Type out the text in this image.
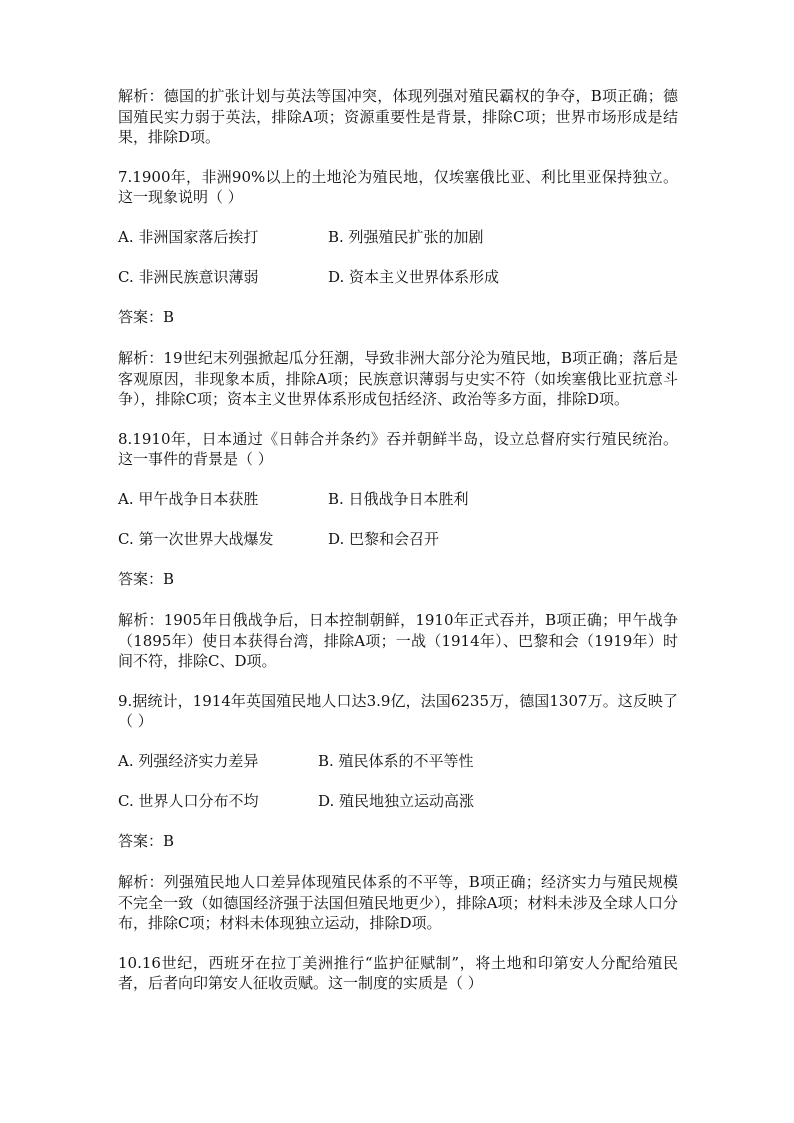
解析：德国的扩张计划与英法等国冲突，体现列强对殖民霸权的争夺，B项正确；德国殖民实力弱于英法，排除A项；资源重要性是背景，排除C项；世界市场形成是结果，排除D项。

7.1900年，非洲90%以上的土地沦为殖民地，仅埃塞俄比亚、利比里亚保持独立。这一现象说明（ ）

A. 非洲国家落后挨打	B. 列强殖民扩张的加剧
C. 非洲民族意识薄弱	D. 资本主义世界体系形成

答案：B

解析：19世纪末列强掀起瓜分狂潮，导致非洲大部分沦为殖民地，B项正确；落后是客观原因，非现象本质，排除A项；民族意识薄弱与史实不符（如埃塞俄比亚抗意斗争），排除C项；资本主义世界体系形成包括经济、政治等多方面，排除D项。

8.1910年，日本通过《日韩合并条约》吞并朝鲜半岛，设立总督府实行殖民统治。这一事件的背景是（ ）

A. 甲午战争日本获胜	B. 日俄战争日本胜利
C. 第一次世界大战爆发	D. 巴黎和会召开

答案：B

解析：1905年日俄战争后，日本控制朝鲜，1910年正式吞并，B项正确；甲午战争（1895年）使日本获得台湾，排除A项；一战（1914年）、巴黎和会（1919年）时间不符，排除C、D项。

9.据统计，1914年英国殖民地人口达3.9亿，法国6235万，德国1307万。这反映了（ ）

A. 列强经济实力差异	B. 殖民体系的不平等性
C. 世界人口分布不均	D. 殖民地独立运动高涨

答案：B

解析：列强殖民地人口差异体现殖民体系的不平等，B项正确；经济实力与殖民规模不完全一致（如德国经济强于法国但殖民地更少），排除A项；材料未涉及全球人口分布，排除C项；材料未体现独立运动，排除D项。

10.16世纪，西班牙在拉丁美洲推行“监护征赋制”，将土地和印第安人分配给殖民者，后者向印第安人征收贡赋。这一制度的实质是（ ）
